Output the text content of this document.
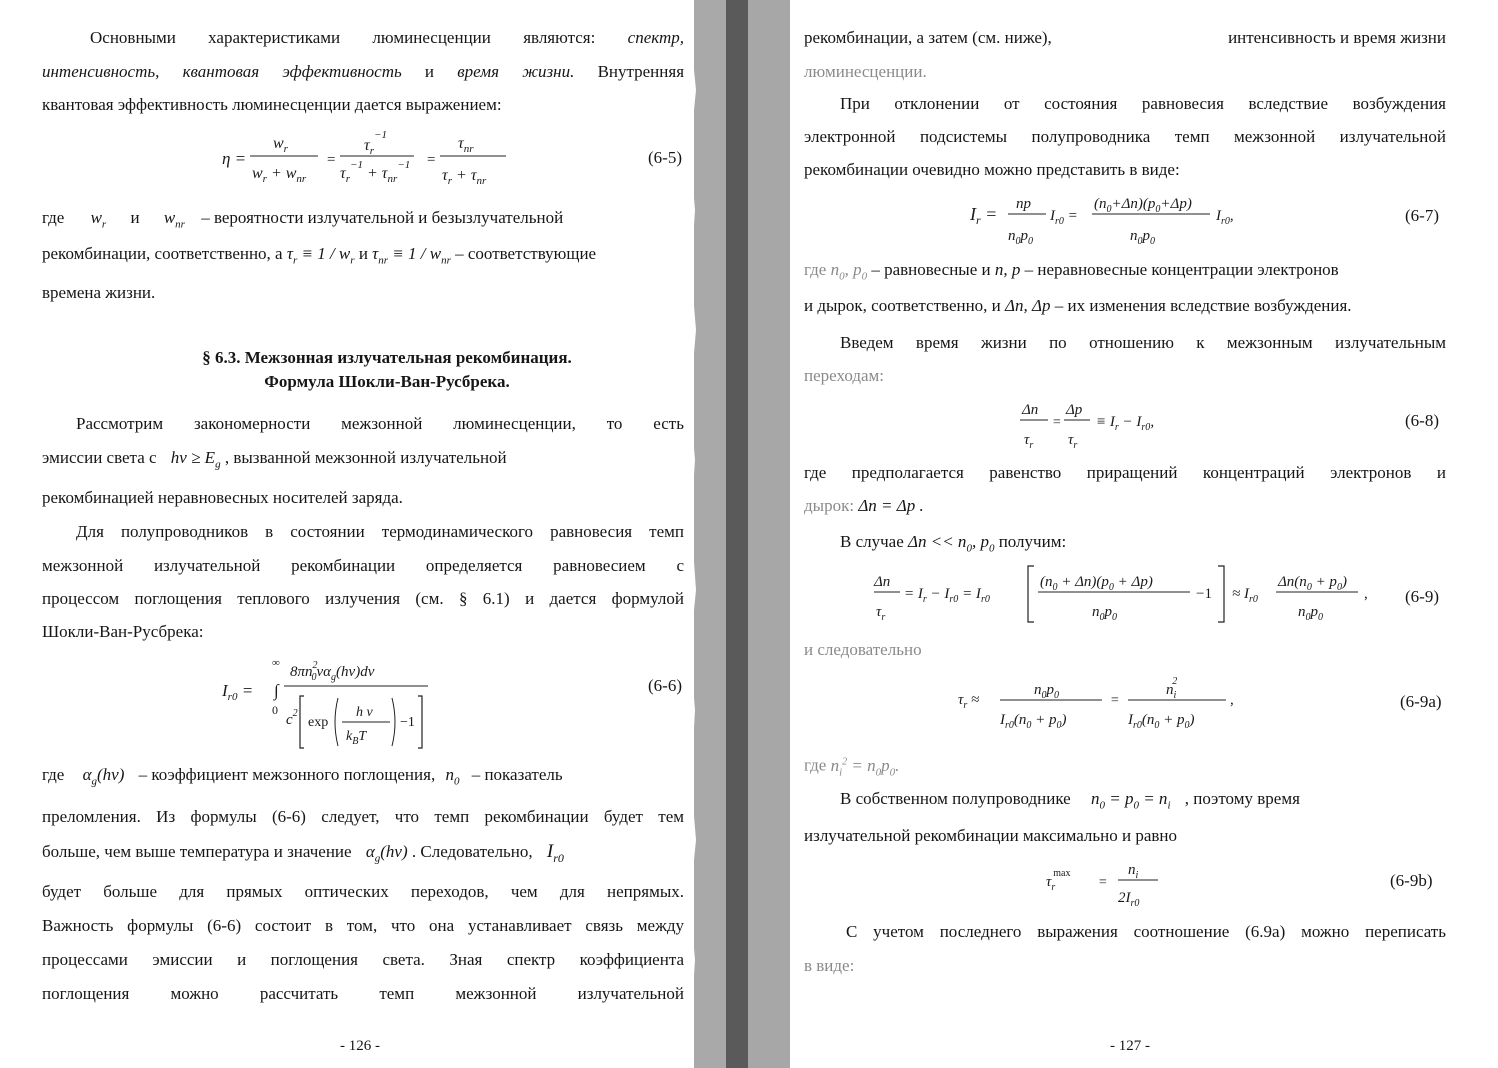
Основными характеристиками люминесценции являются: спектр,
интенсивность, квантовая эффективность и время жизни. Внутренняя
квантовая эффективность люминесценции дается выражением:
η =
$w_r$
$w_r + w_{nr}$
=
$\tau_r^{-1}$
$\tau_r^{-1} + \tau_{nr}^{-1}$ =
$\tau_{nr}$
$\tau_r + \tau_{nr}$
(6-5)
где $w_r$ и $w_{nr}$ – вероятности излучательной и безызлучательной
рекомбинации, соответственно, а $\tau_r \equiv 1 / w_r$ и $\tau_{nr} \equiv 1 / w_{nr}$ – соответствующие
времена жизни.
§ 6.3. Межзонная излучательная рекомбинация.
Формула Шокли-Ван-Русбрека.
Рассмотрим закономерности межзонной люминесценции, то есть
эмиссии света с $h\nu \ge E_g$ , вызванной межзонной излучательной
рекомбинацией неравновесных носителей заряда.
Для полупроводников в состоянии термодинамического равновесия темп
межзонной излучательной рекомбинации определяется равновесием с
процессом поглощения теплового излучения (см. § 6.1) и дается формулой
Шокли-Ван-Русбрека:
$I_{r0}$ =
∞
∫
0
$8\pi n^2$ $0\nu\alpha_g(h\nu)d\nu$
$c^2$
exp
h ν
$k_BT$
−1
(6-6)
где $\alpha_g(h\nu)$ – коэффициент межзонного поглощения, $n_0$ – показатель
преломления. Из формулы (6-6) следует, что темп рекомбинации будет тем
больше, чем выше температура и значение $\alpha_g(h\nu)$ . Следовательно, $I_{r0}$
будет больше для прямых оптических переходов, чем для непрямых.
Важность формулы (6-6) состоит в том, что она устанавливает связь между
процессами эмиссии и поглощения света. Зная спектр коэффициента
поглощения можно рассчитать темп межзонной излучательной
- 126 -
рекомбинации, а затем (см. ниже),	интенсивность и время жизни
люминесценции.
При отклонении от состояния равновесия вследствие возбуждения
электронной подсистемы полупроводника темп межзонной излучательной
рекомбинации очевидно можно представить в виде:
$I_r$ = np
$n_0p_0$
$I_{r0}$ =
$(n_0+\Delta n)(p_0+\Delta p)$
$n_0p_0$
$I_{r0}$,	(6-7)
где $n_0$, $p_0$ – равновесные и n, p – неравновесные концентрации электронов
и дырок, соответственно, и Δn, Δp – их изменения вследствие возбуждения.
Введем время жизни по отношению к межзонным излучательным
переходам:
Δn
$\tau_r$
=
Δp
$\tau_r$
≡ $I_r - I_{r0}$,	(6-8)
где предполагается равенство приращений концентраций электронов и
дырок: Δn = Δp .
В случае $\Delta n << n_0$, $p_0$ получим:
Δn
$\tau_r$
= $I_r - I_{r0} = I_{r0}$
$(n_0 + \Delta n)(p_0 + \Delta p)$
$n_0p_0$
$-1 \approx I_{r0}$
$\Delta n(n_0 + p_0)$
$n_0p_0$
, (6-9)
и следовательно
$\tau_r$ ≈
$n_0p_0$
$I_{r0}(n_0 + p_0)$
=
$n_i2$
$I_{r0}(n_0 + p_0)$
,	(6-9a)
где $n_i^2 = n_0p_0$.
В собственном полупроводнике $n_0 = p_0 = n_i$ , поэтому время
излучательной рекомбинации максимально и равно
$\tau_r\max$
=
$n_i$
$2I_{r0}$
(6-9b)
С учетом последнего выражения соотношение (6.9a) можно переписать
в виде:
- 127 -
